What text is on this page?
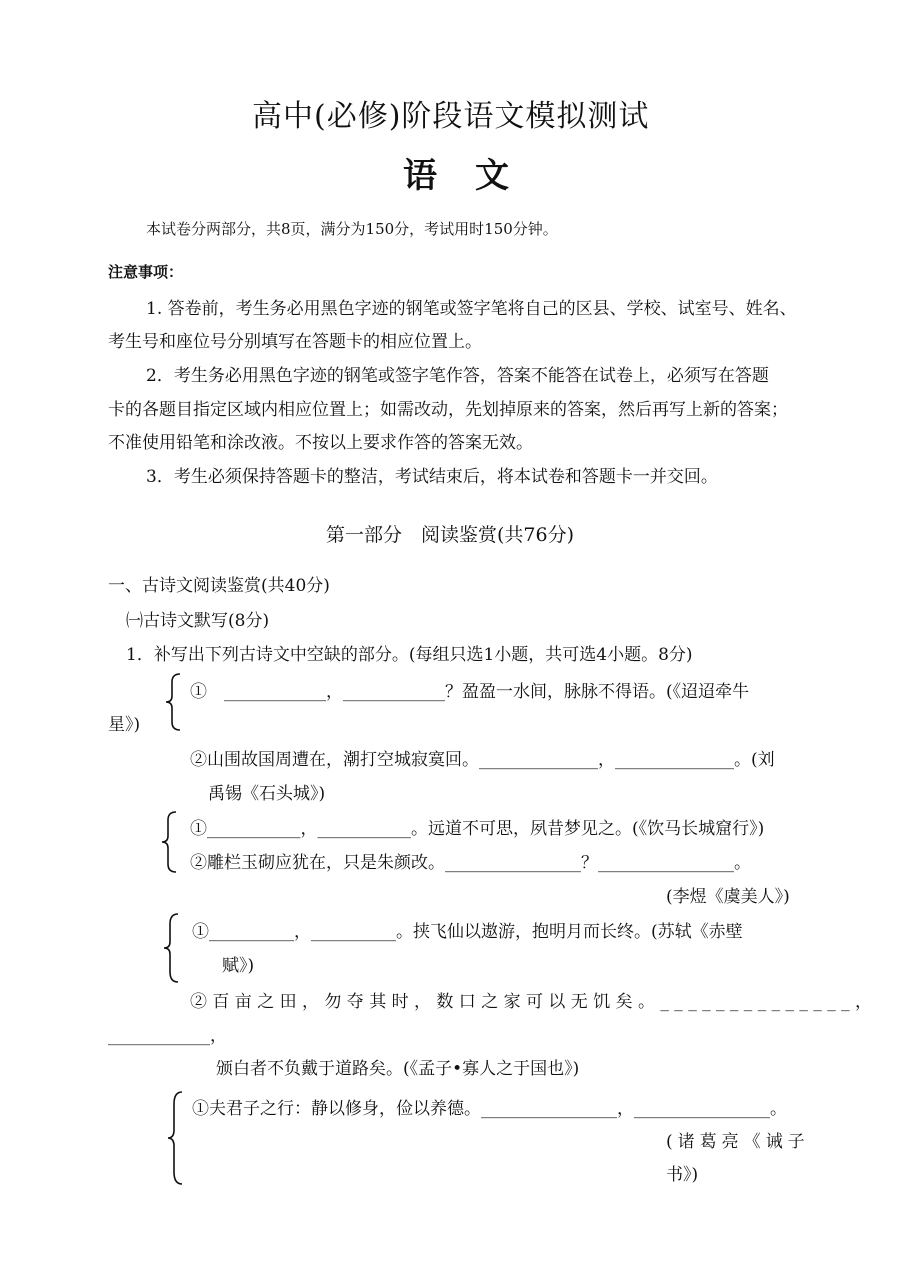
高中(必修)阶段语文模拟测试
语文
本试卷分两部分，共8页，满分为150分，考试用时150分钟。
注意事项：
1. 答卷前，考生务必用黑色字迹的钢笔或签字笔将自己的区县、学校、试室号、姓名、
考生号和座位号分别填写在答题卡的相应位置上。
2．考生务必用黑色字迹的钢笔或签字笔作答，答案不能答在试卷上，必须写在答题
卡的各题目指定区域内相应位置上；如需改动，先划掉原来的答案，然后再写上新的答案；
不准使用铅笔和涂改液。不按以上要求作答的答案无效。
3．考生必须保持答题卡的整洁，考试结束后，将本试卷和答题卡一并交回。
第一部分　阅读鉴赏(共76分)
一、古诗文阅读鉴赏(共40分)
㈠古诗文默写(8分)
1．补写出下列古诗文中空缺的部分。(每组只选1小题，共可选4小题。8分)
①　____________，____________？盈盈一水间，脉脉不得语。(《迢迢牵牛
星》)
②山围故国周遭在，潮打空城寂寞回。______________，______________。(刘
禹锡《石头城》)
①___________，___________。远道不可思，夙昔梦见之。(《饮马长城窟行》)
②雕栏玉砌应犹在，只是朱颜改。________________？________________。
(李煜《虞美人》)
①__________，__________。挟飞仙以遨游，抱明月而长终。(苏轼《赤壁
赋》)
②百亩之田，勿夺其时，数口之家可以无饥矣。______________，
____________，
颁白者不负戴于道路矣。(《孟子•寡人之于国也》)
①夫君子之行：静以修身，俭以养德。________________，________________。
(诸葛亮《诫子
书》)
